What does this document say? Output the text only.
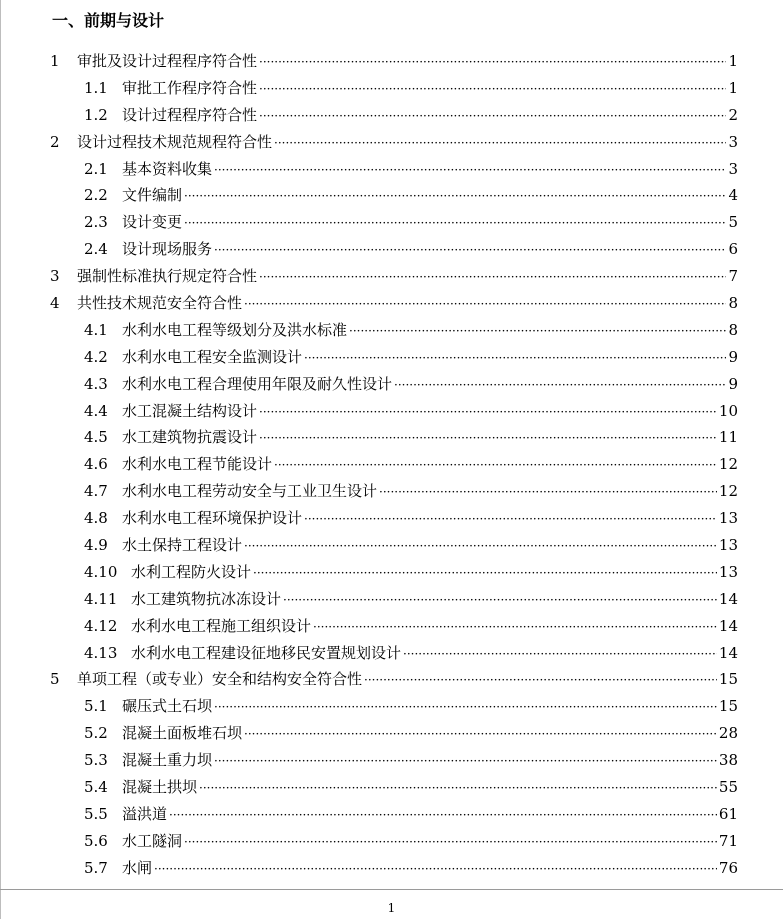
一、前期与设计
1	审批及设计过程程序符合性 ·····	1
1.1 审批工作程序符合性 ·····	1
1.2 设计过程程序符合性 ·····	2
2	设计过程技术规范规程符合性 ·····	3
2.1 基本资料收集 ·····	3
2.2 文件编制 ·····	4
2.3 设计变更 ·····	5
2.4 设计现场服务 ·····	6
3	强制性标准执行规定符合性 ·····	7
4	共性技术规范安全符合性 ·····	8
4.1 水利水电工程等级划分及洪水标准 ·····	8
4.2 水利水电工程安全监测设计 ·····	9
4.3 水利水电工程合理使用年限及耐久性设计 ·····	9
4.4 水工混凝土结构设计 ·····	10
4.5 水工建筑物抗震设计 ·····	11
4.6 水利水电工程节能设计 ·····	12
4.7 水利水电工程劳动安全与工业卫生设计 ·····	12
4.8 水利水电工程环境保护设计 ·····	13
4.9 水土保持工程设计 ·····	13
4.10 水利工程防火设计 ·····	13
4.11 水工建筑物抗冰冻设计 ·····	14
4.12 水利水电工程施工组织设计 ·····	14
4.13 水利水电工程建设征地移民安置规划设计 ·····	14
5	单项工程（或专业）安全和结构安全符合性 ·····	15
5.1 碾压式土石坝 ·····	15
5.2 混凝土面板堆石坝 ·····	28
5.3 混凝土重力坝 ·····	38
5.4 混凝土拱坝 ·····	55
5.5 溢洪道 ·····	61
5.6 水工隧洞 ·····	71
5.7 水闸 ·····	76
1
